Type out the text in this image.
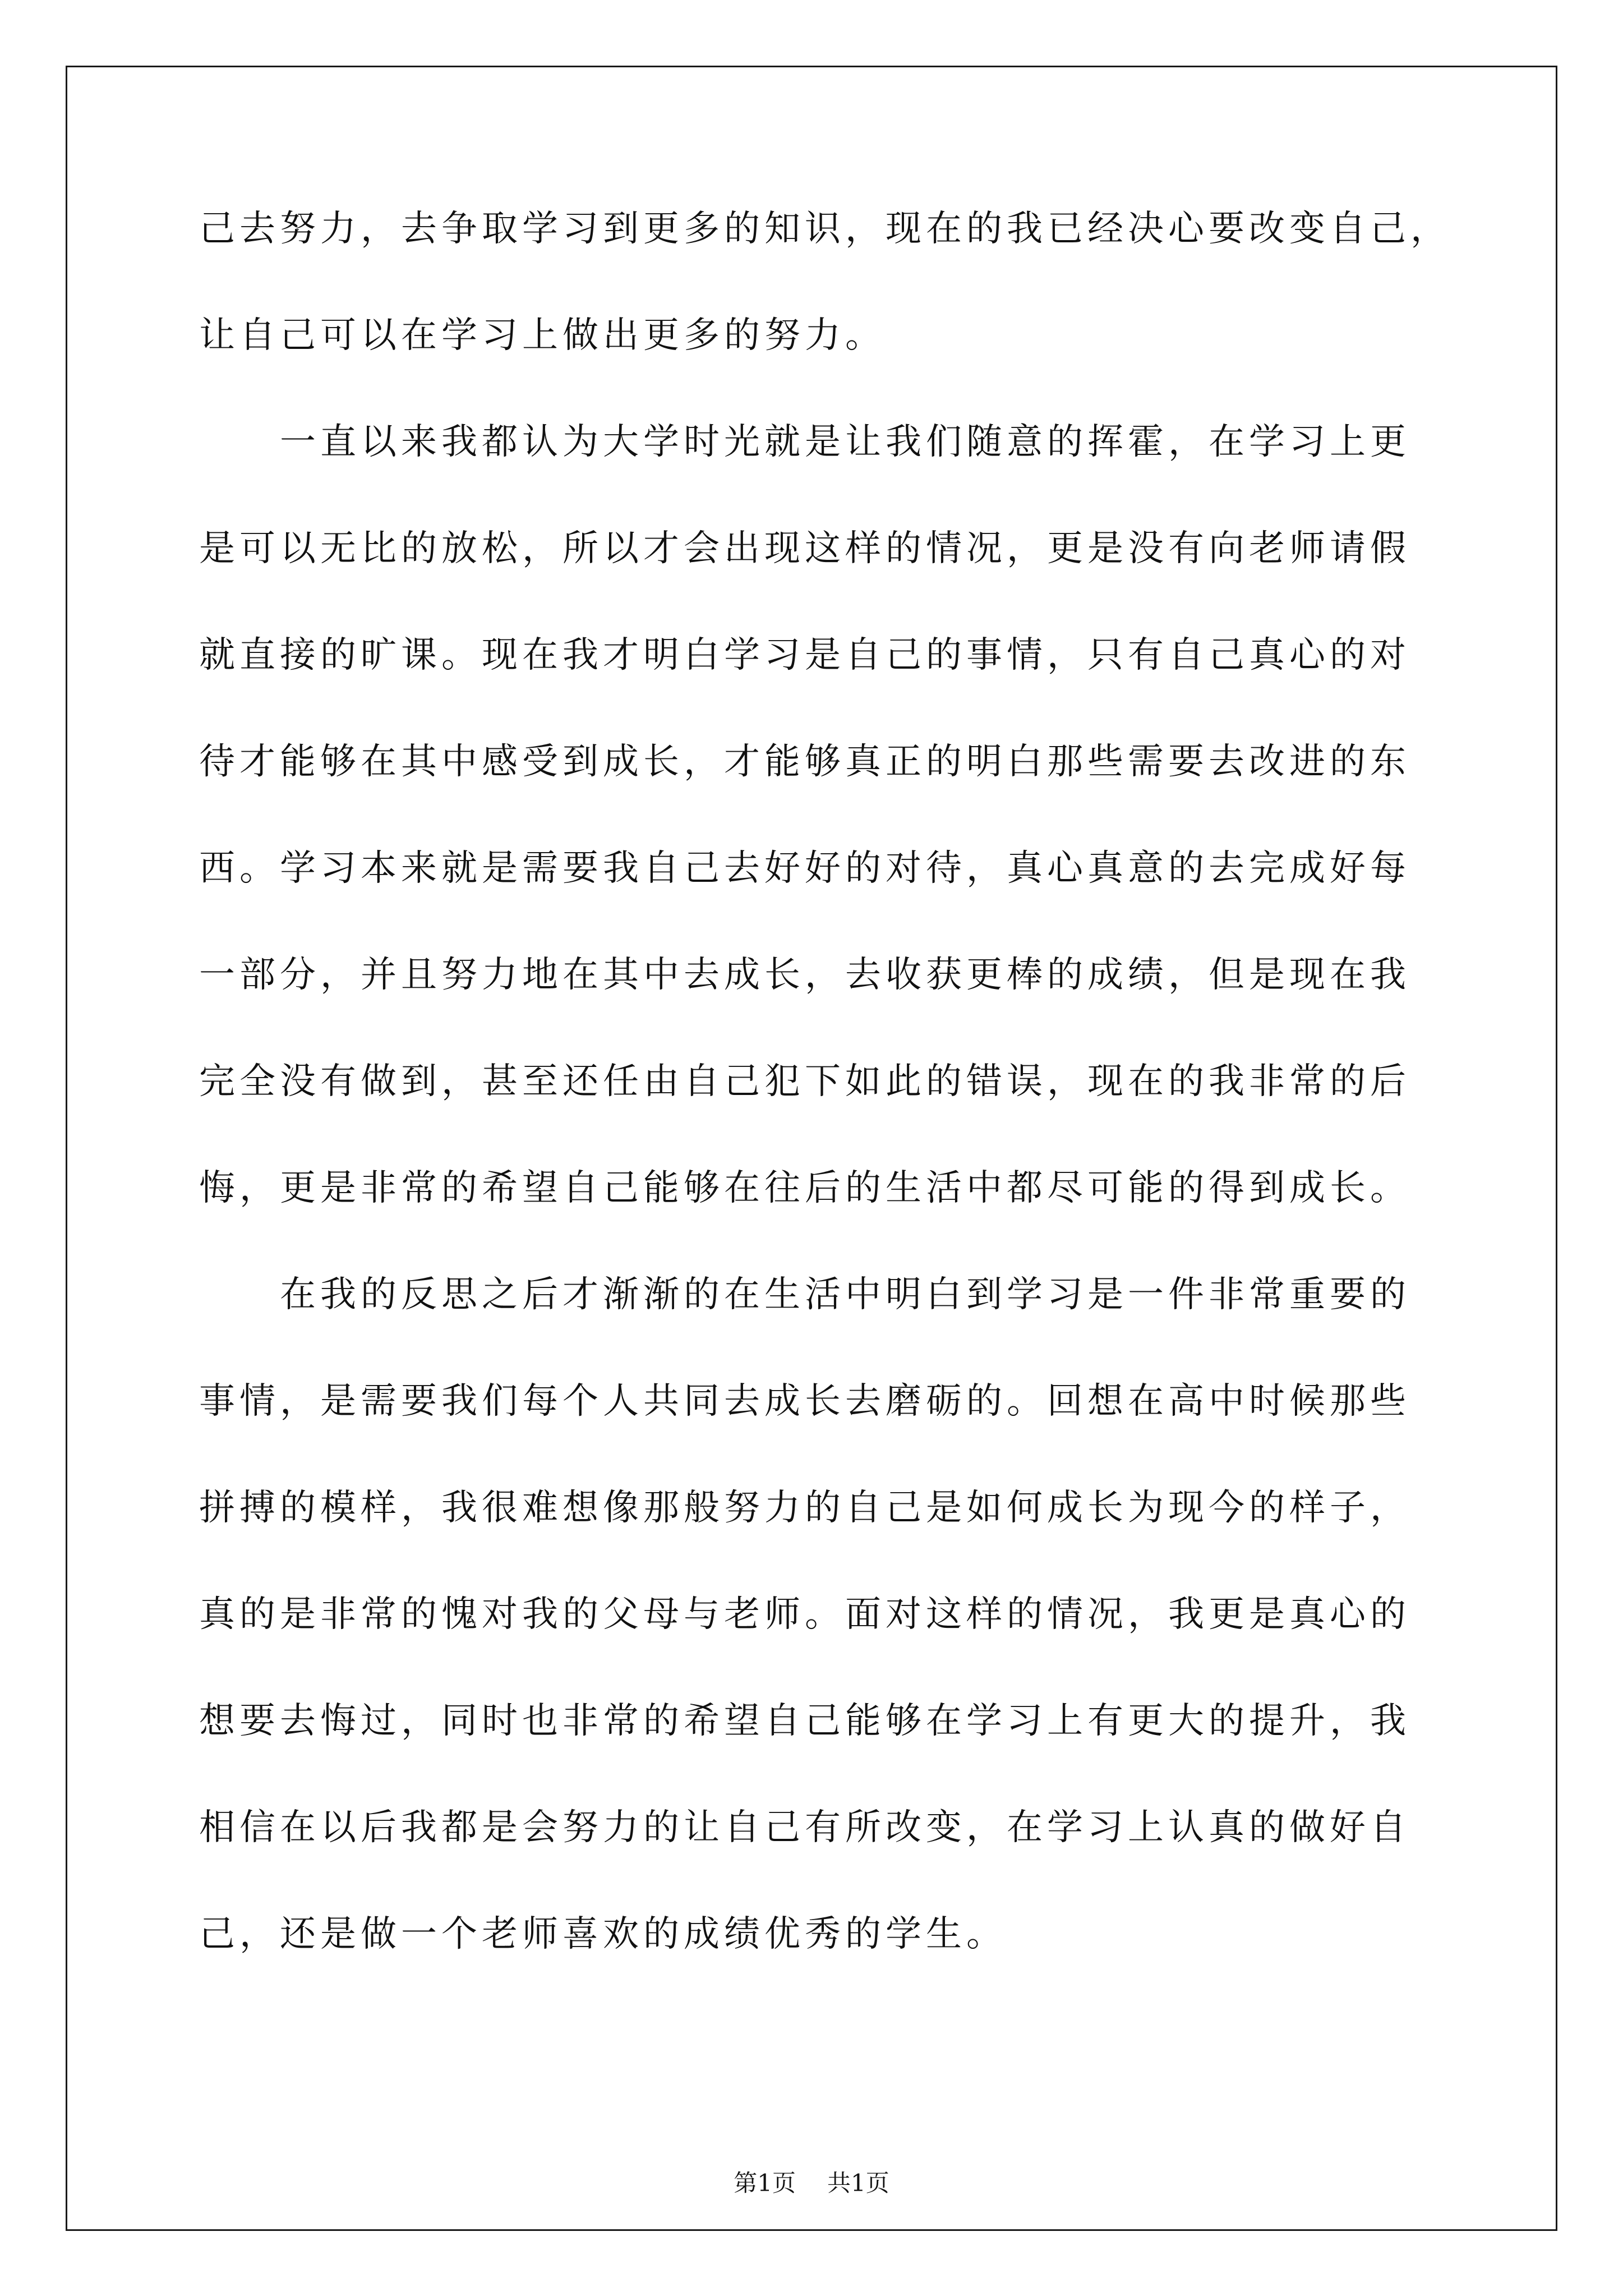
己去努力，去争取学习到更多的知识，现在的我已经决心要改变自己，
让自己可以在学习上做出更多的努力。
一直以来我都认为大学时光就是让我们随意的挥霍，在学习上更
是可以无比的放松，所以才会出现这样的情况，更是没有向老师请假
就直接的旷课。现在我才明白学习是自己的事情，只有自己真心的对
待才能够在其中感受到成长，才能够真正的明白那些需要去改进的东
西。学习本来就是需要我自己去好好的对待，真心真意的去完成好每
一部分，并且努力地在其中去成长，去收获更棒的成绩，但是现在我
完全没有做到，甚至还任由自己犯下如此的错误，现在的我非常的后
悔，更是非常的希望自己能够在往后的生活中都尽可能的得到成长。
在我的反思之后才渐渐的在生活中明白到学习是一件非常重要的
事情，是需要我们每个人共同去成长去磨砺的。回想在高中时候那些
拼搏的模样，我很难想像那般努力的自己是如何成长为现今的样子，
真的是非常的愧对我的父母与老师。面对这样的情况，我更是真心的
想要去悔过，同时也非常的希望自己能够在学习上有更大的提升，我
相信在以后我都是会努力的让自己有所改变，在学习上认真的做好自
己，还是做一个老师喜欢的成绩优秀的学生。
第1页 共1页
